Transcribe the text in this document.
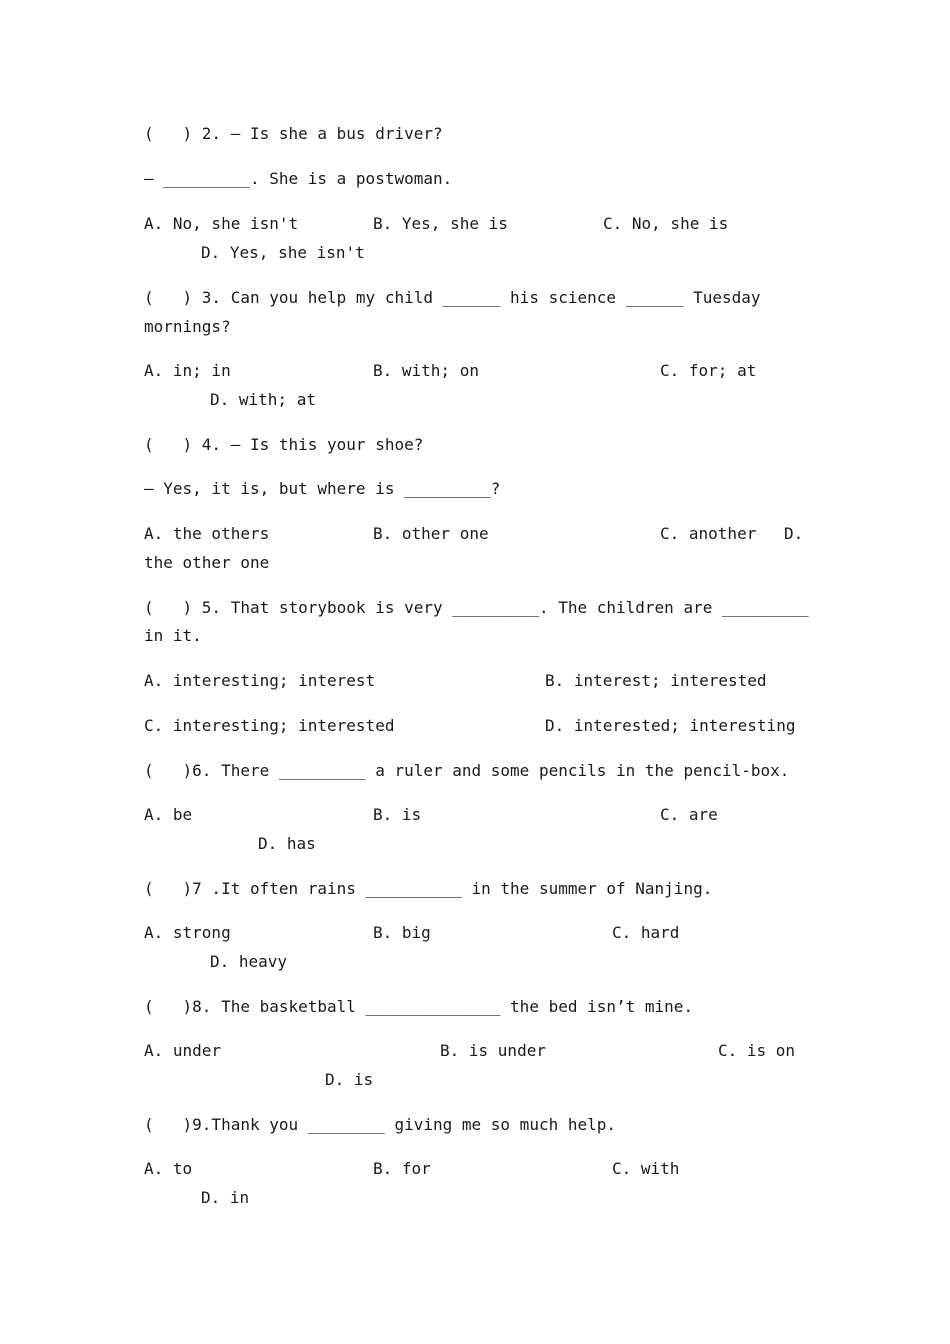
(   ) 2. — Is she a bus driver?
— _________. She is a postwoman.
A. No, she isn't	B. Yes, she is	C. No, she is
D. Yes, she isn't
(   ) 3. Can you help my child ______ his science ______ Tuesday
mornings?
A. in; in	B. with; on	C. for; at
D. with; at
(   ) 4. — Is this your shoe?
— Yes, it is, but where is _________?
A. the others	B. other one	C. another D.
the other one
(   ) 5. That storybook is very _________. The children are _________
in it.
A. interesting; interest	B. interest; interested
C. interesting; interested	D. interested; interesting
(   )6. There _________ a ruler and some pencils in the pencil-box.
A. be	B. is	C. are
D. has
(   )7 .It often rains __________ in the summer of Nanjing.
A. strong	B. big	C. hard
D. heavy
(   )8. The basketball ______________ the bed isn’t mine.
A. under	B. is under	C. is on
D. is
(   )9.Thank you ________ giving me so much help.
A. to	B. for	C. with
D. in
